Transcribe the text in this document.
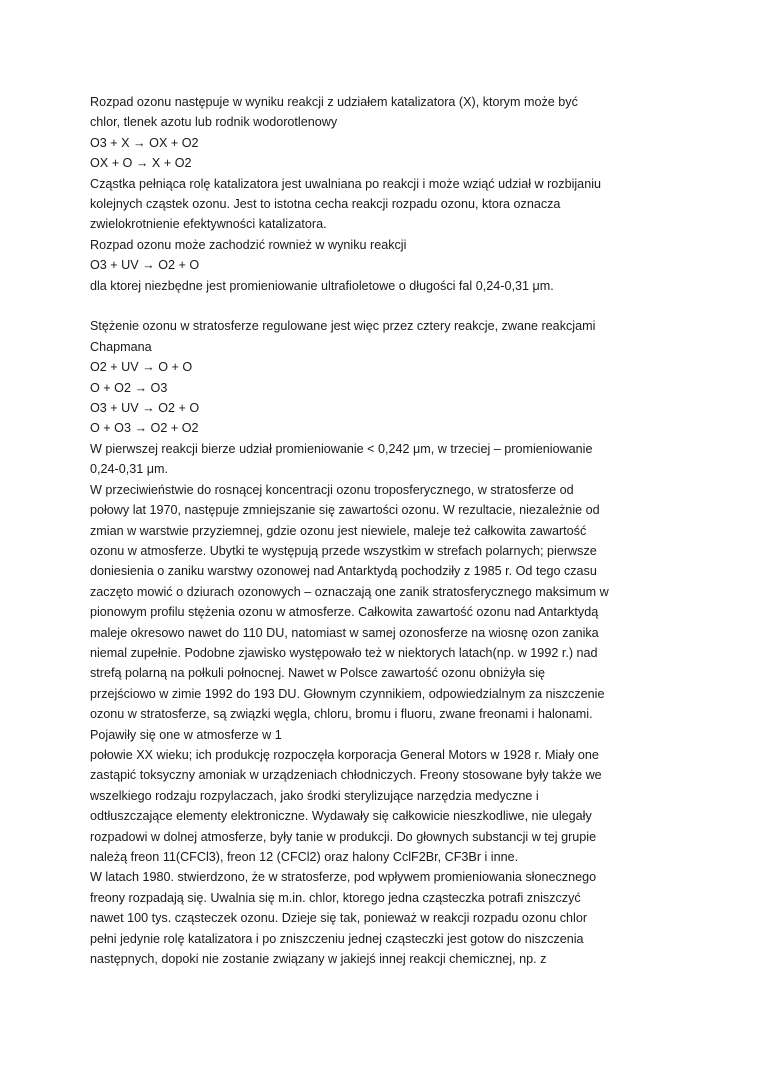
Rozpad ozonu następuje w wyniku reakcji z udziałem katalizatora (X), ktorym może być
chlor, tlenek azotu lub rodnik wodorotlenowy
O3 + X → OX + O2
OX + O → X + O2
Cząstka pełniąca rolę katalizatora jest uwalniana po reakcji i może wziąć udział w rozbijaniu
kolejnych cząstek ozonu. Jest to istotna cecha reakcji rozpadu ozonu, ktora oznacza
zwielokrotnienie efektywności katalizatora.
Rozpad ozonu może zachodzić rownież w wyniku reakcji
O3 + UV → O2 + O
dla ktorej niezbędne jest promieniowanie ultrafioletowe o długości fal 0,24-0,31 μm.
Stężenie ozonu w stratosferze regulowane jest więc przez cztery reakcje, zwane reakcjami
Chapmana
O2 + UV → O + O
O + O2 → O3
O3 + UV → O2 + O
O + O3 → O2 + O2
W pierwszej reakcji bierze udział promieniowanie < 0,242 μm, w trzeciej – promieniowanie
0,24-0,31 μm.
W przeciwieństwie do rosnącej koncentracji ozonu troposferycznego, w stratosferze od
połowy lat 1970, następuje zmniejszanie się zawartości ozonu. W rezultacie, niezależnie od
zmian w warstwie przyziemnej, gdzie ozonu jest niewiele, maleje też całkowita zawartość
ozonu w atmosferze. Ubytki te występują przede wszystkim w strefach polarnych; pierwsze
doniesienia o zaniku warstwy ozonowej nad Antarktydą pochodziły z 1985 r. Od tego czasu
zaczęto mowić o dziurach ozonowych – oznaczają one zanik stratosferycznego maksimum w
pionowym profilu stężenia ozonu w atmosferze. Całkowita zawartość ozonu nad Antarktydą
maleje okresowo nawet do 110 DU, natomiast w samej ozonosferze na wiosnę ozon zanika
niemal zupełnie. Podobne zjawisko występowało też w niektorych latach(np. w 1992 r.) nad
strefą polarną na połkuli połnocnej. Nawet w Polsce zawartość ozonu obniżyła się
przejściowo w zimie 1992 do 193 DU. Głownym czynnikiem, odpowiedzialnym za niszczenie
ozonu w stratosferze, są związki węgla, chloru, bromu i fluoru, zwane freonami i halonami.
Pojawiły się one w atmosferze w 1
połowie XX wieku; ich produkcję rozpoczęła korporacja General Motors w 1928 r. Miały one
zastąpić toksyczny amoniak w urządzeniach chłodniczych. Freony stosowane były także we
wszelkiego rodzaju rozpylaczach, jako środki sterylizujące narzędzia medyczne i
odtłuszczające elementy elektroniczne. Wydawały się całkowicie nieszkodliwe, nie ulegały
rozpadowi w dolnej atmosferze, były tanie w produkcji. Do głownych substancji w tej grupie
należą freon 11(CFCl3), freon 12 (CFCl2) oraz halony CclF2Br, CF3Br i inne.
W latach 1980. stwierdzono, że w stratosferze, pod wpływem promieniowania słonecznego
freony rozpadają się. Uwalnia się m.in. chlor, ktorego jedna cząsteczka potrafi zniszczyć
nawet 100 tys. cząsteczek ozonu. Dzieje się tak, ponieważ w reakcji rozpadu ozonu chlor
pełni jedynie rolę katalizatora i po zniszczeniu jednej cząsteczki jest gotow do niszczenia
następnych, dopoki nie zostanie związany w jakiejś innej reakcji chemicznej, np. z
